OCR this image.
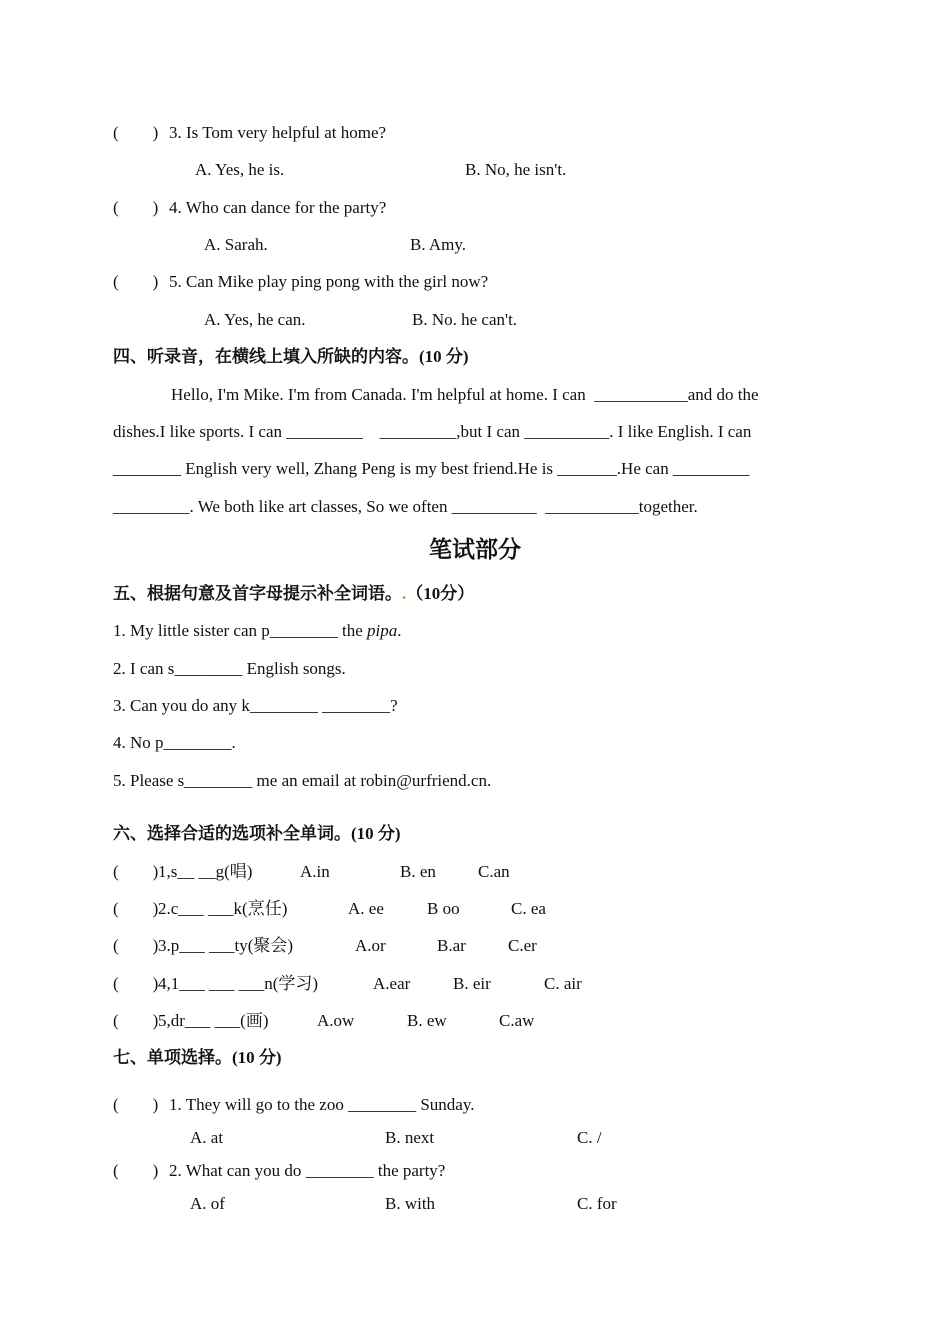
(        ) 3. Is Tom very helpful at home?
A. Yes, he is.	B. No, he isn't.
(        ) 4. Who can dance for the party?
A. Sarah.	B. Amy.
(        ) 5. Can Mike play ping pong with the girl now?
A. Yes, he can.	B. No. he can't.
四、听录音，在横线上填入所缺的内容。(10 分)
Hello, I'm Mike. I'm from Canada. I'm helpful at home. I can  ___________and do the
dishes.I like sports. I can _________    _________,but I can __________. I like English. I can
________ English very well, Zhang Peng is my best friend.He is _______.He can _________
_________. We both like art classes, So we often __________  ___________together.
笔试部分
五、根据句意及首字母提示补全词语。.（10分）
1. My little sister can p________ the pipa.
2. I can s________ English songs.
3. Can you do any k________ ________?
4. No p________.
5. Please s________ me an email at robin@urfriend.cn.
六、选择合适的选项补全单词。(10 分)
(        ) 1,s__ __g(唱)	A.in	B. en C.an
(        ) 2.c___ ___k(烹任)	A. ee	B oo	C. ea
(        ) 3.p___ ___ty(聚会)	A.or	B.ar C.er
(        ) 4,1___ ___ ___n(学习)	A.ear	B. eir	C. air
(        ) 5,dr___ ___(画)	A.ow	B. ew	C.aw
七、单项选择。(10 分)
(        ) 1. They will go to the zoo ________ Sunday.
A. at	B. next	C. /
(        ) 2. What can you do ________ the party?
A. of	B. with	C. for
